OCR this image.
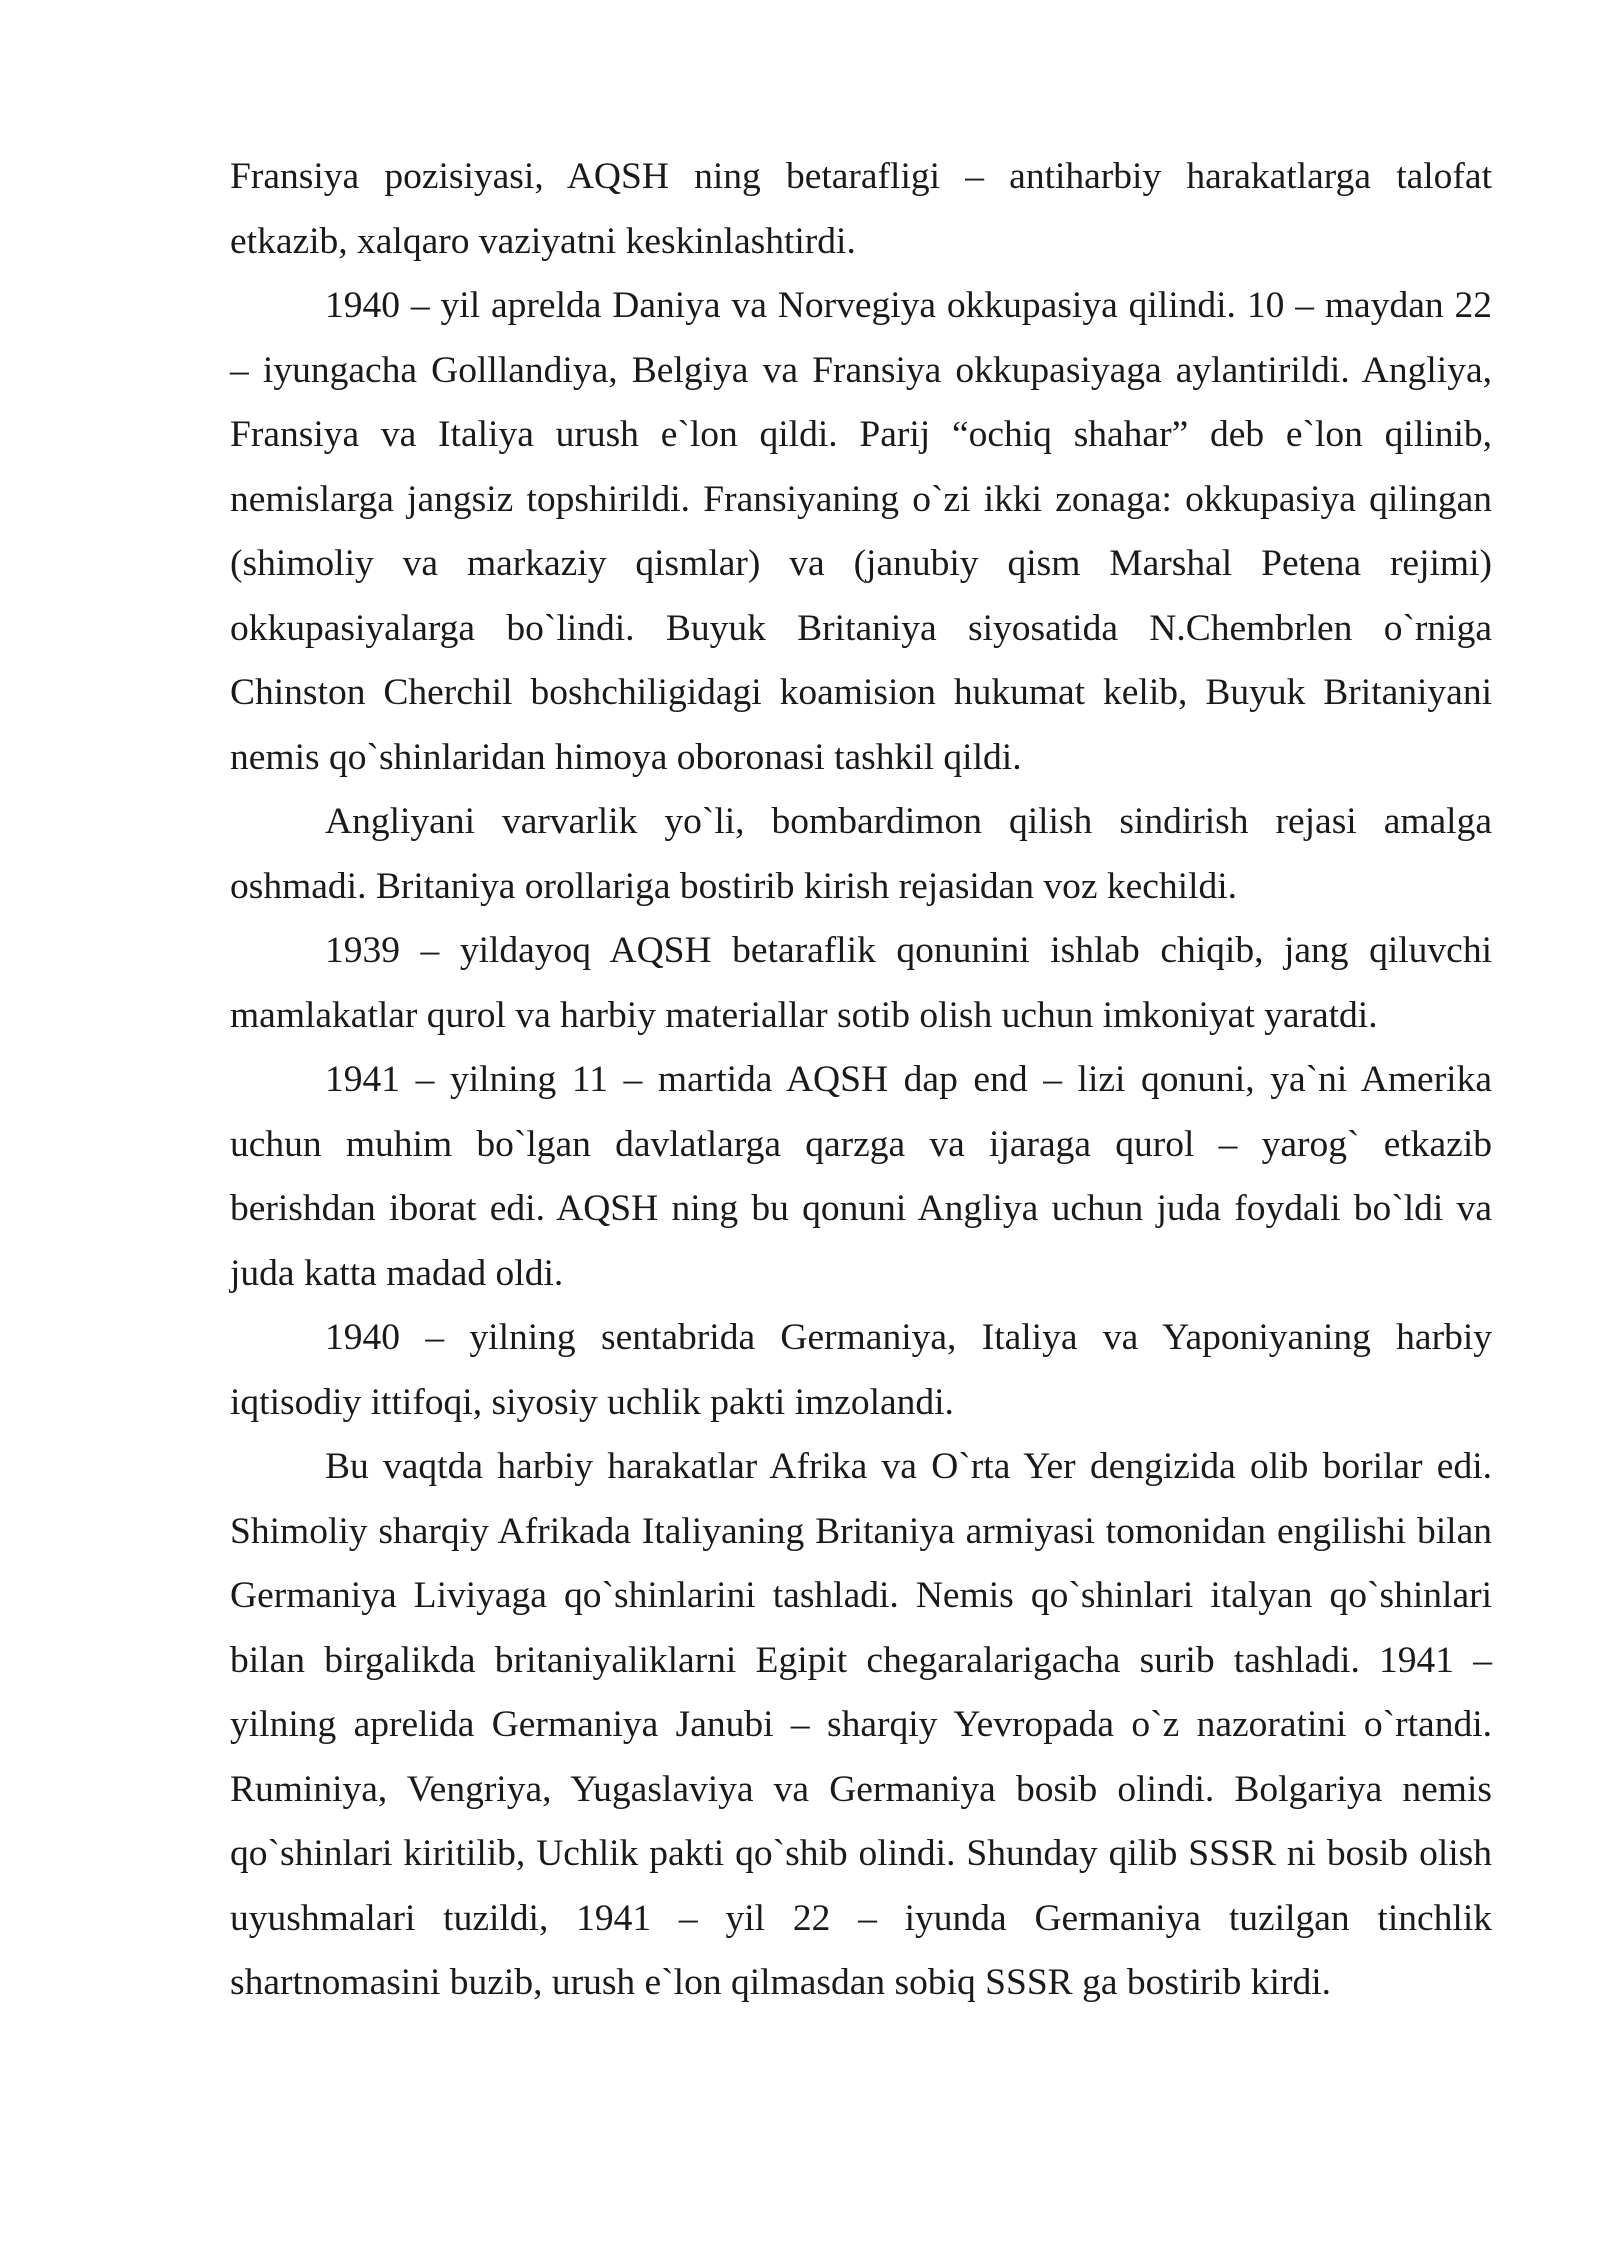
Fransiya pozisiyasi, AQSH ning betarafligi – antiharbiy harakatlarga talofat etkazib, xalqaro vaziyatni keskinlashtirdi.

1940 – yil aprelda Daniya va Norvegiya okkupasiya qilindi. 10 – maydan 22 – iyungacha Golllandiya, Belgiya va Fransiya okkupasiyaga aylantirildi. Angliya, Fransiya va Italiya urush e`lon qildi. Parij “ochiq shahar” deb e`lon qilinib, nemislarga jangsiz topshirildi. Fransiyaning o`zi ikki zonaga: okkupasiya qilingan (shimoliy va markaziy qismlar) va (janubiy qism Marshal Petena rejimi) okkupasiyalarga bo`lindi. Buyuk Britaniya siyosatida N.Chembrlen o`rniga Chinston Cherchil boshchiligidagi koamision hukumat kelib, Buyuk Britaniyani nemis qo`shinlaridan himoya oboronasi tashkil qildi.

Angliyani varvarlik yo`li, bombardimon qilish sindirish rejasi amalga oshmadi. Britaniya orollariga bostirib kirish rejasidan voz kechildi.

1939 – yildayoq AQSH betaraflik qonunini ishlab chiqib, jang qiluvchi mamlakatlar qurol va harbiy materiallar sotib olish uchun imkoniyat yaratdi.

1941 – yilning 11 – martida AQSH dap end – lizi qonuni, ya`ni Amerika uchun muhim bo`lgan davlatlarga qarzga va ijaraga qurol – yarog` etkazib berishdan iborat edi. AQSH ning bu qonuni Angliya uchun juda foydali bo`ldi va juda katta madad oldi.

1940 – yilning sentabrida Germaniya, Italiya va Yaponiyaning harbiy iqtisodiy ittifoqi, siyosiy uchlik pakti imzolandi.

Bu vaqtda harbiy harakatlar Afrika va O`rta Yer dengizida olib borilar edi. Shimoliy sharqiy Afrikada Italiyaning Britaniya armiyasi tomonidan engilishi bilan Germaniya Liviyaga qo`shinlarini tashladi. Nemis qo`shinlari italyan qo`shinlari bilan birgalikda britaniyaliklarni Egipit chegaralarigacha surib tashladi. 1941 – yilning aprelida Germaniya Janubi – sharqiy Yevropada o`z nazoratini o`rtandi. Ruminiya, Vengriya, Yugaslaviya va Germaniya bosib olindi. Bolgariya nemis qo`shinlari kiritilib, Uchlik pakti qo`shib olindi. Shunday qilib SSSR ni bosib olish uyushmalari tuzildi, 1941 – yil 22 – iyunda Germaniya tuzilgan tinchlik shartnomasini buzib, urush e`lon qilmasdan sobiq SSSR ga bostirib kirdi.
